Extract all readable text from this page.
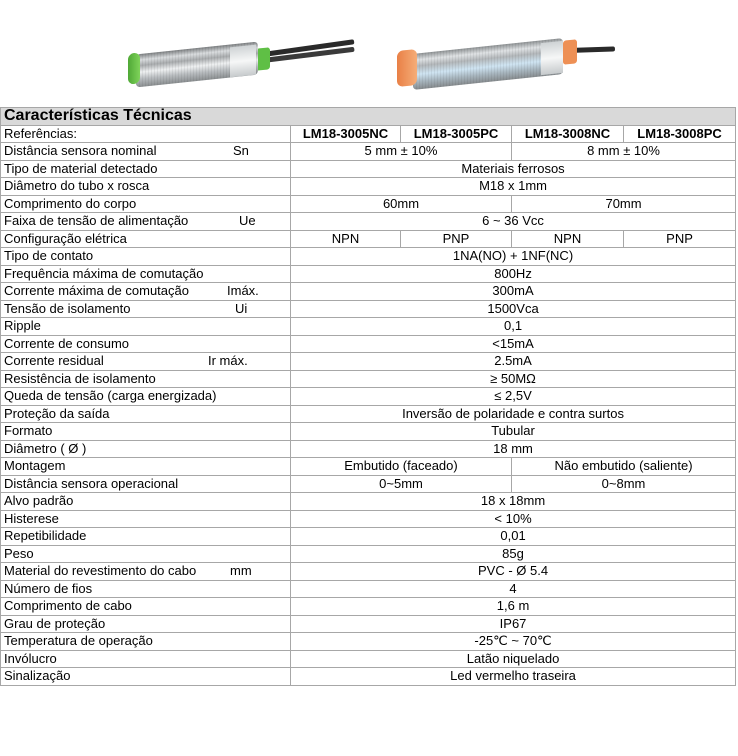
Características Técnicas				
Referências:	LM18-3005NC	LM18-3005PC	LM18-3008NC	LM18-3008PC
Distância sensora nominal Sn	5 mm ± 10%		8 mm ± 10%	
Tipo de material detectado	Materiais ferrosos			
Diâmetro do tubo x rosca	M18 x 1mm			
Comprimento do corpo	60mm		70mm	
Faixa de tensão de alimentação Ue	6 ~ 36 Vcc			
Configuração elétrica	NPN	PNP	NPN	PNP
Tipo de contato	1NA(NO) + 1NF(NC)			
Frequência máxima de comutação	800Hz			
Corrente máxima de comutação Imáx.	300mA			
Tensão de isolamento Ui	1500Vca			
Ripple	0,1			
Corrente de consumo	<15mA			
Corrente residual Ir máx.	2.5mA			
Resistência de isolamento	≥ 50MΩ			
Queda de tensão (carga energizada)	≤ 2,5V			
Proteção da saída	Inversão de polaridade e contra surtos			
Formato	Tubular			
Diâmetro ( Ø )	18 mm			
Montagem	Embutido (faceado)		Não embutido (saliente)	
Distância sensora operacional	0~5mm		0~8mm	
Alvo padrão	18 x 18mm			
Histerese	< 10%			
Repetibilidade	0,01			
Peso	85g			
Material do revestimento do cabo mm	PVC - Ø 5.4			
Número de fios	4			
Comprimento de cabo	1,6 m			
Grau de proteção	IP67			
Temperatura de operação	-25℃ ~ 70℃			
Invólucro	Latão niquelado			
Sinalização	Led vermelho traseira			
